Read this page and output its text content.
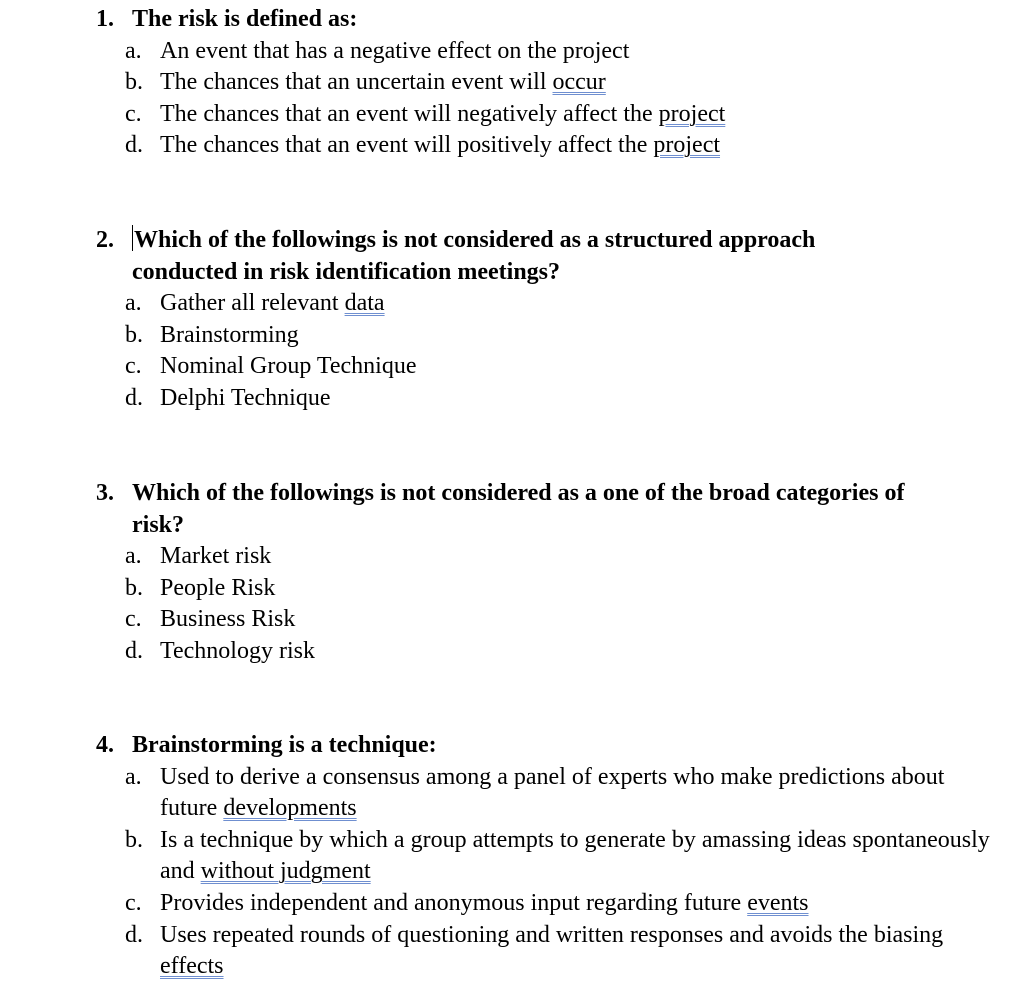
1. The risk is defined as:
a. An event that has a negative effect on the project
b. The chances that an uncertain event will occur
c. The chances that an event will negatively affect the project
d. The chances that an event will positively affect the project
2. Which of the followings is not considered as a structured approach
conducted in risk identification meetings?
a. Gather all relevant data
b. Brainstorming
c. Nominal Group Technique
d. Delphi Technique
3. Which of the followings is not considered as a one of the broad categories of
risk?
a. Market risk
b. People Risk
c. Business Risk
d. Technology risk
4. Brainstorming is a technique:
a. Used to derive a consensus among a panel of experts who make predictions about future developments
b. Is a technique by which a group attempts to generate by amassing ideas spontaneously and without judgment
c. Provides independent and anonymous input regarding future events
d. Uses repeated rounds of questioning and written responses and avoids the biasing effects
